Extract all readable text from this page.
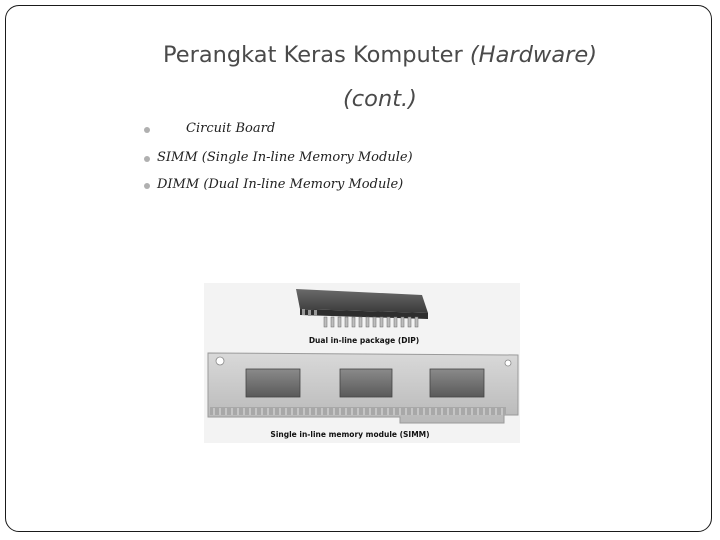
Perangkat Keras Komputer (Hardware)
(cont.)
Circuit Board
SIMM (Single In-line Memory Module)
DIMM (Dual In-line Memory Module)
Dual in-line package (DIP)
Single in-line memory module (SIMM)
